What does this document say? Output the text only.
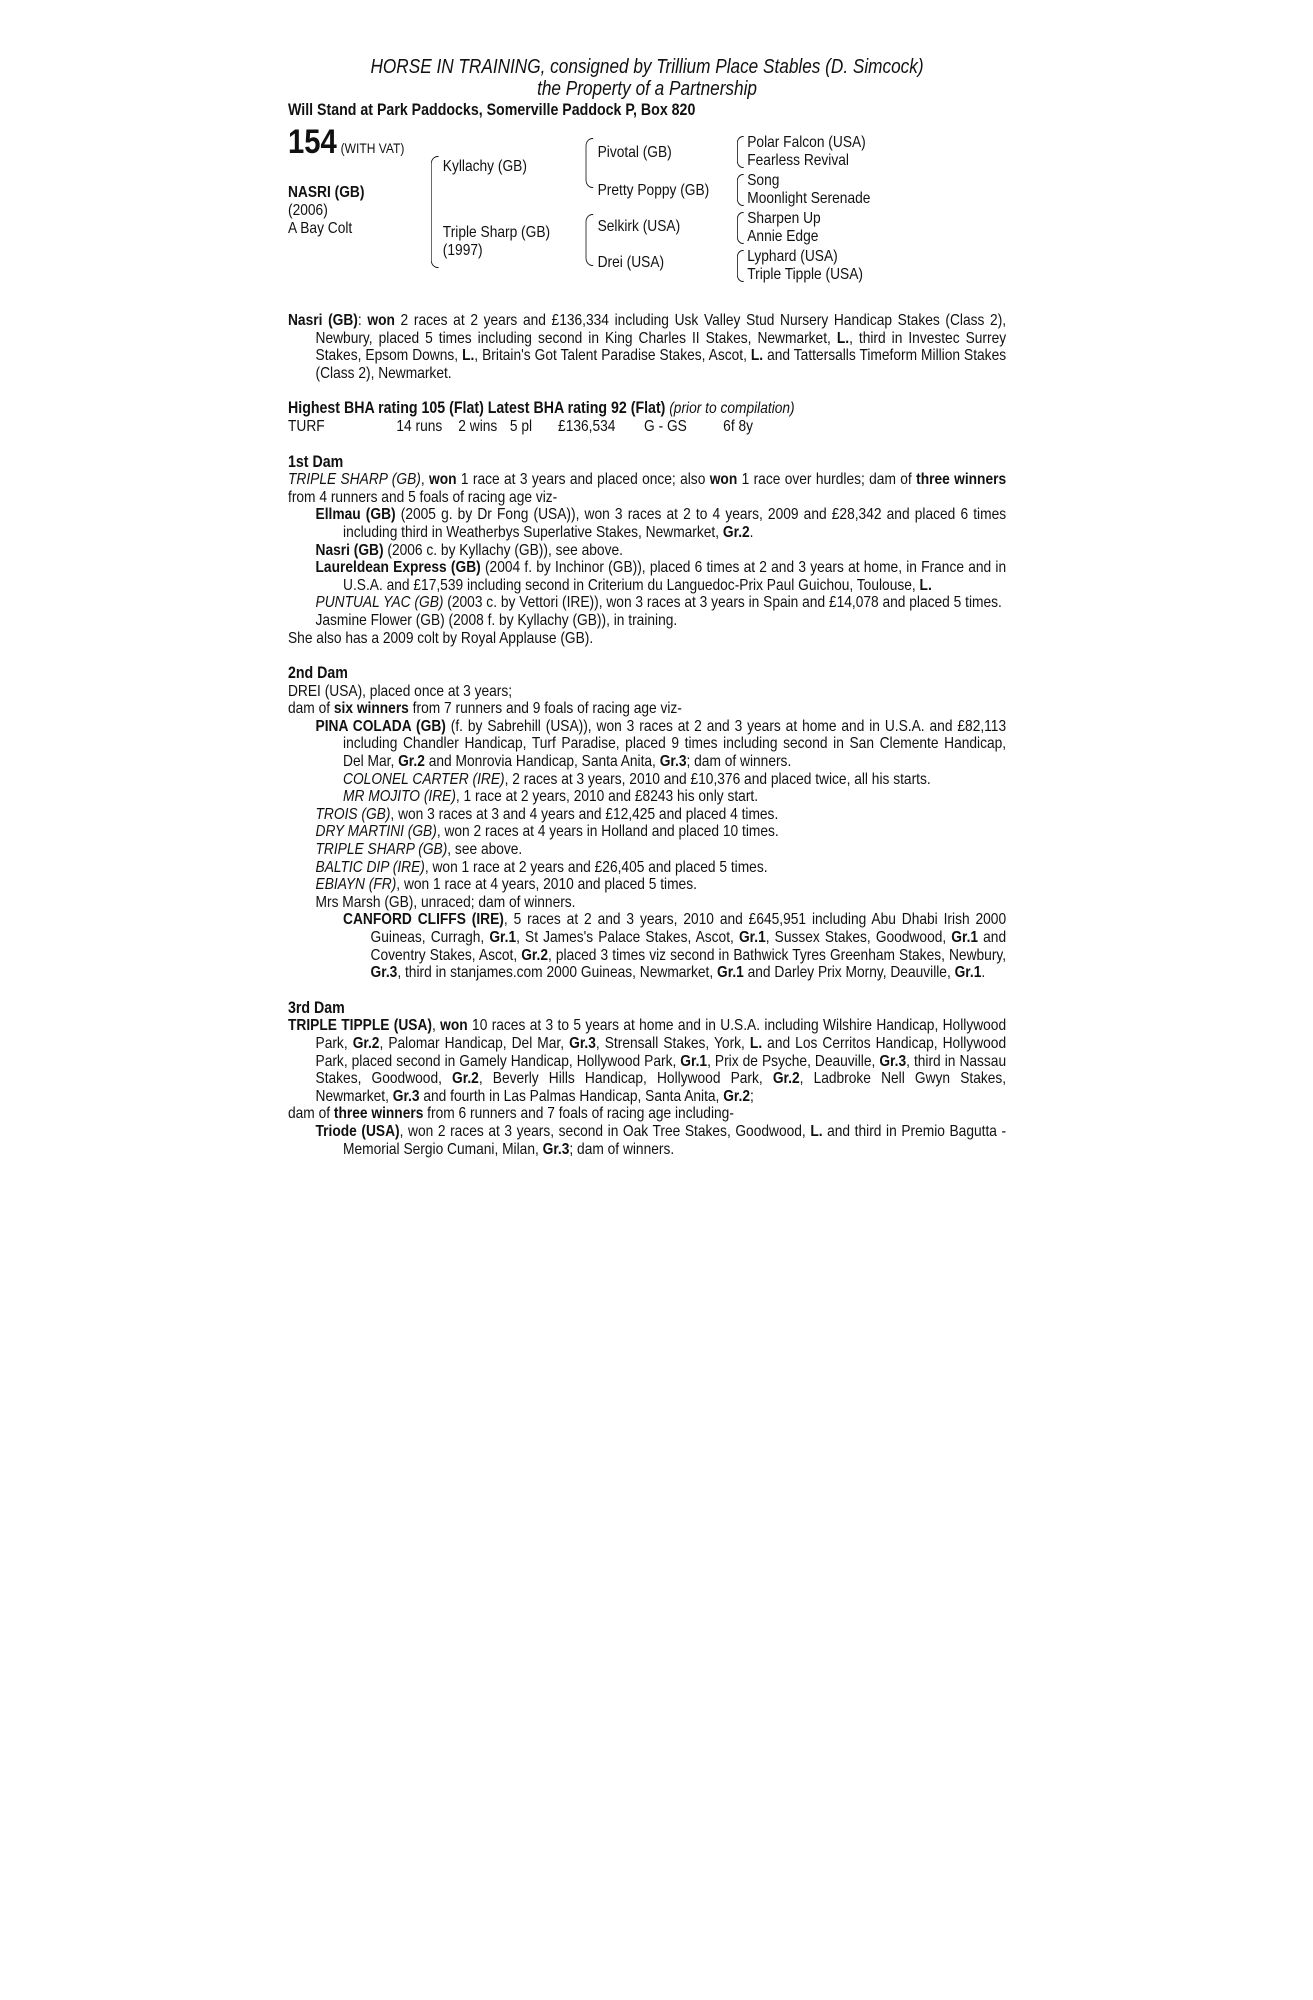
HORSE IN TRAINING, consigned by Trillium Place Stables (D. Simcock)
the Property of a Partnership
Will Stand at Park Paddocks, Somerville Paddock P, Box 820
154 (WITH VAT)
NASRI (GB)
(2006)
A Bay Colt
Kyllachy (GB)
Triple Sharp (GB)
(1997)
Pivotal (GB)
Pretty Poppy (GB)
Selkirk (USA)
Drei (USA)
Polar Falcon (USA)
Fearless Revival
Song
Moonlight Serenade
Sharpen Up
Annie Edge
Lyphard (USA)
Triple Tipple (USA)

Nasri (GB): won 2 races at 2 years and £136,334 including Usk Valley Stud Nursery Handicap Stakes (Class 2), Newbury, placed 5 times including second in King Charles II Stakes, Newmarket, L., third in Investec Surrey Stakes, Epsom Downs, L., Britain's Got Talent Paradise Stakes, Ascot, L. and Tattersalls Timeform Million Stakes (Class 2), Newmarket.

Highest BHA rating 105 (Flat) Latest BHA rating 92 (Flat) (prior to compilation)
TURF	14 runs 2 wins 5 pl £136,534 G - GS 6f 8y
1st Dam

TRIPLE SHARP (GB), won 1 race at 3 years and placed once; also won 1 race over hurdles; dam of three winners from 4 runners and 5 foals of racing age viz-

Ellmau (GB) (2005 g. by Dr Fong (USA)), won 3 races at 2 to 4 years, 2009 and £28,342 and placed 6 times including third in Weatherbys Superlative Stakes, Newmarket, Gr.2.

Nasri (GB) (2006 c. by Kyllachy (GB)), see above.

Laureldean Express (GB) (2004 f. by Inchinor (GB)), placed 6 times at 2 and 3 years at home, in France and in U.S.A. and £17,539 including second in Criterium du Languedoc-Prix Paul Guichou, Toulouse, L.

PUNTUAL YAC (GB) (2003 c. by Vettori (IRE)), won 3 races at 3 years in Spain and £14,078 and placed 5 times.

Jasmine Flower (GB) (2008 f. by Kyllachy (GB)), in training.

She also has a 2009 colt by Royal Applause (GB).

2nd Dam

DREI (USA), placed once at 3 years;

dam of six winners from 7 runners and 9 foals of racing age viz-

PINA COLADA (GB) (f. by Sabrehill (USA)), won 3 races at 2 and 3 years at home and in U.S.A. and £82,113 including Chandler Handicap, Turf Paradise, placed 9 times including second in San Clemente Handicap, Del Mar, Gr.2 and Monrovia Handicap, Santa Anita, Gr.3; dam of winners.

COLONEL CARTER (IRE), 2 races at 3 years, 2010 and £10,376 and placed twice, all his starts.

MR MOJITO (IRE), 1 race at 2 years, 2010 and £8243 his only start.

TROIS (GB), won 3 races at 3 and 4 years and £12,425 and placed 4 times.

DRY MARTINI (GB), won 2 races at 4 years in Holland and placed 10 times.

TRIPLE SHARP (GB), see above.

BALTIC DIP (IRE), won 1 race at 2 years and £26,405 and placed 5 times.

EBIAYN (FR), won 1 race at 4 years, 2010 and placed 5 times.

Mrs Marsh (GB), unraced; dam of winners.

CANFORD CLIFFS (IRE), 5 races at 2 and 3 years, 2010 and £645,951 including Abu Dhabi Irish 2000 Guineas, Curragh, Gr.1, St James's Palace Stakes, Ascot, Gr.1, Sussex Stakes, Goodwood, Gr.1 and Coventry Stakes, Ascot, Gr.2, placed 3 times viz second in Bathwick Tyres Greenham Stakes, Newbury, Gr.3, third in stanjames.com 2000 Guineas, Newmarket, Gr.1 and Darley Prix Morny, Deauville, Gr.1.

3rd Dam

TRIPLE TIPPLE (USA), won 10 races at 3 to 5 years at home and in U.S.A. including Wilshire Handicap, Hollywood Park, Gr.2, Palomar Handicap, Del Mar, Gr.3, Strensall Stakes, York, L. and Los Cerritos Handicap, Hollywood Park, placed second in Gamely Handicap, Hollywood Park, Gr.1, Prix de Psyche, Deauville, Gr.3, third in Nassau Stakes, Goodwood, Gr.2, Beverly Hills Handicap, Hollywood Park, Gr.2, Ladbroke Nell Gwyn Stakes, Newmarket, Gr.3 and fourth in Las Palmas Handicap, Santa Anita, Gr.2;

dam of three winners from 6 runners and 7 foals of racing age including-

Triode (USA), won 2 races at 3 years, second in Oak Tree Stakes, Goodwood, L. and third in Premio Bagutta - Memorial Sergio Cumani, Milan, Gr.3; dam of winners.
